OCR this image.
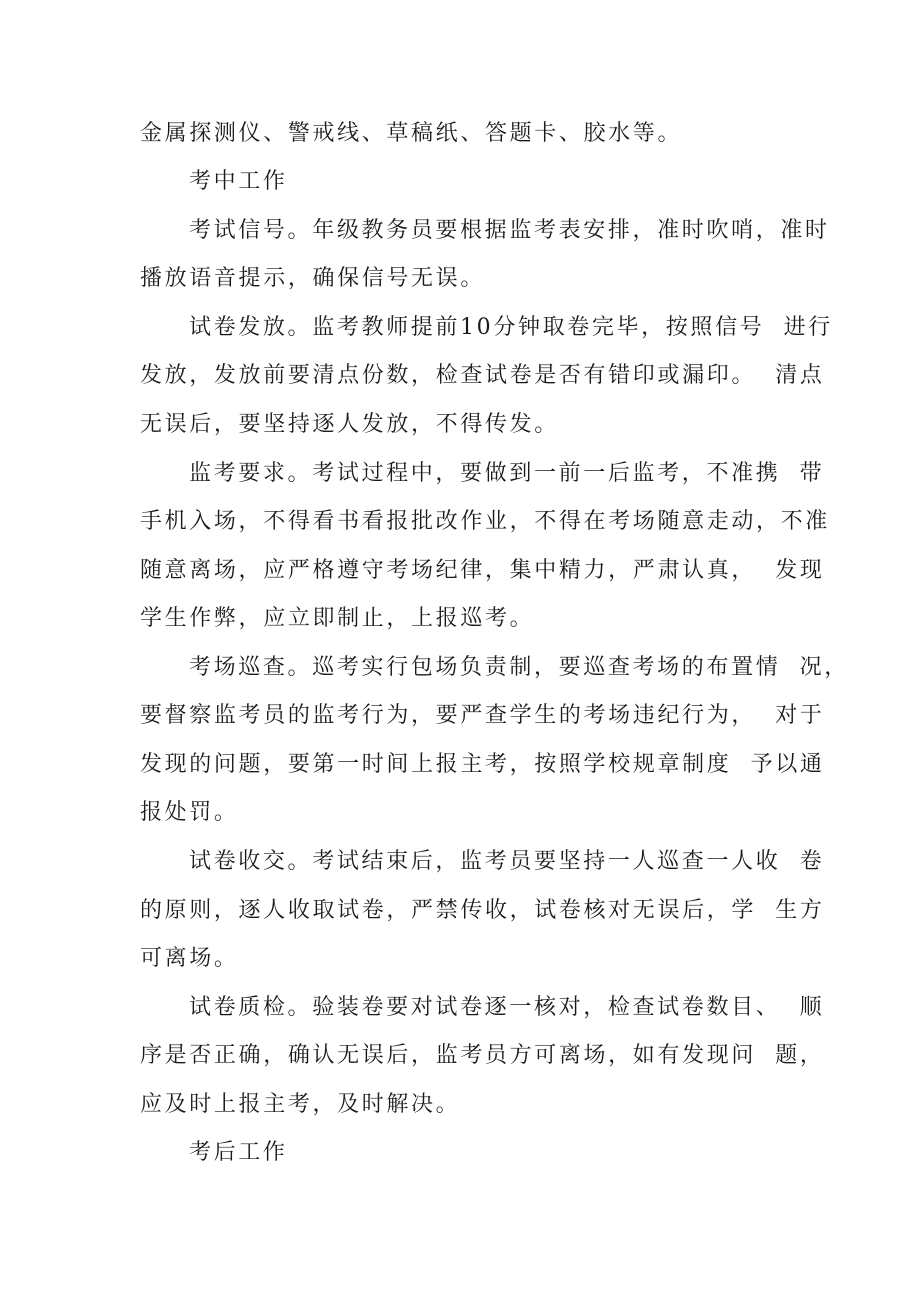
金属探测仪、警戒线、草稿纸、答题卡、胶水等。
考中工作
考试信号。年级教务员要根据监考表安排，准时吹哨，准时
播放语音提示，确保信号无误。
试卷发放。监考教师提前10分钟取卷完毕，按照信号  进行
发放，发放前要清点份数，检查试卷是否有错印或漏印。  清点
无误后，要坚持逐人发放，不得传发。
监考要求。考试过程中，要做到一前一后监考，不准携  带
手机入场，不得看书看报批改作业，不得在考场随意走动，不准
随意离场，应严格遵守考场纪律，集中精力，严肃认真，  发现
学生作弊，应立即制止，上报巡考。
考场巡查。巡考实行包场负责制，要巡查考场的布置情  况，
要督察监考员的监考行为，要严查学生的考场违纪行为，  对于
发现的问题，要第一时间上报主考，按照学校规章制度  予以通
报处罚。
试卷收交。考试结束后，监考员要坚持一人巡查一人收  卷
的原则，逐人收取试卷，严禁传收，试卷核对无误后，学  生方
可离场。
试卷质检。验装卷要对试卷逐一核对，检查试卷数目、  顺
序是否正确，确认无误后，监考员方可离场，如有发现问  题，
应及时上报主考，及时解决。
考后工作
